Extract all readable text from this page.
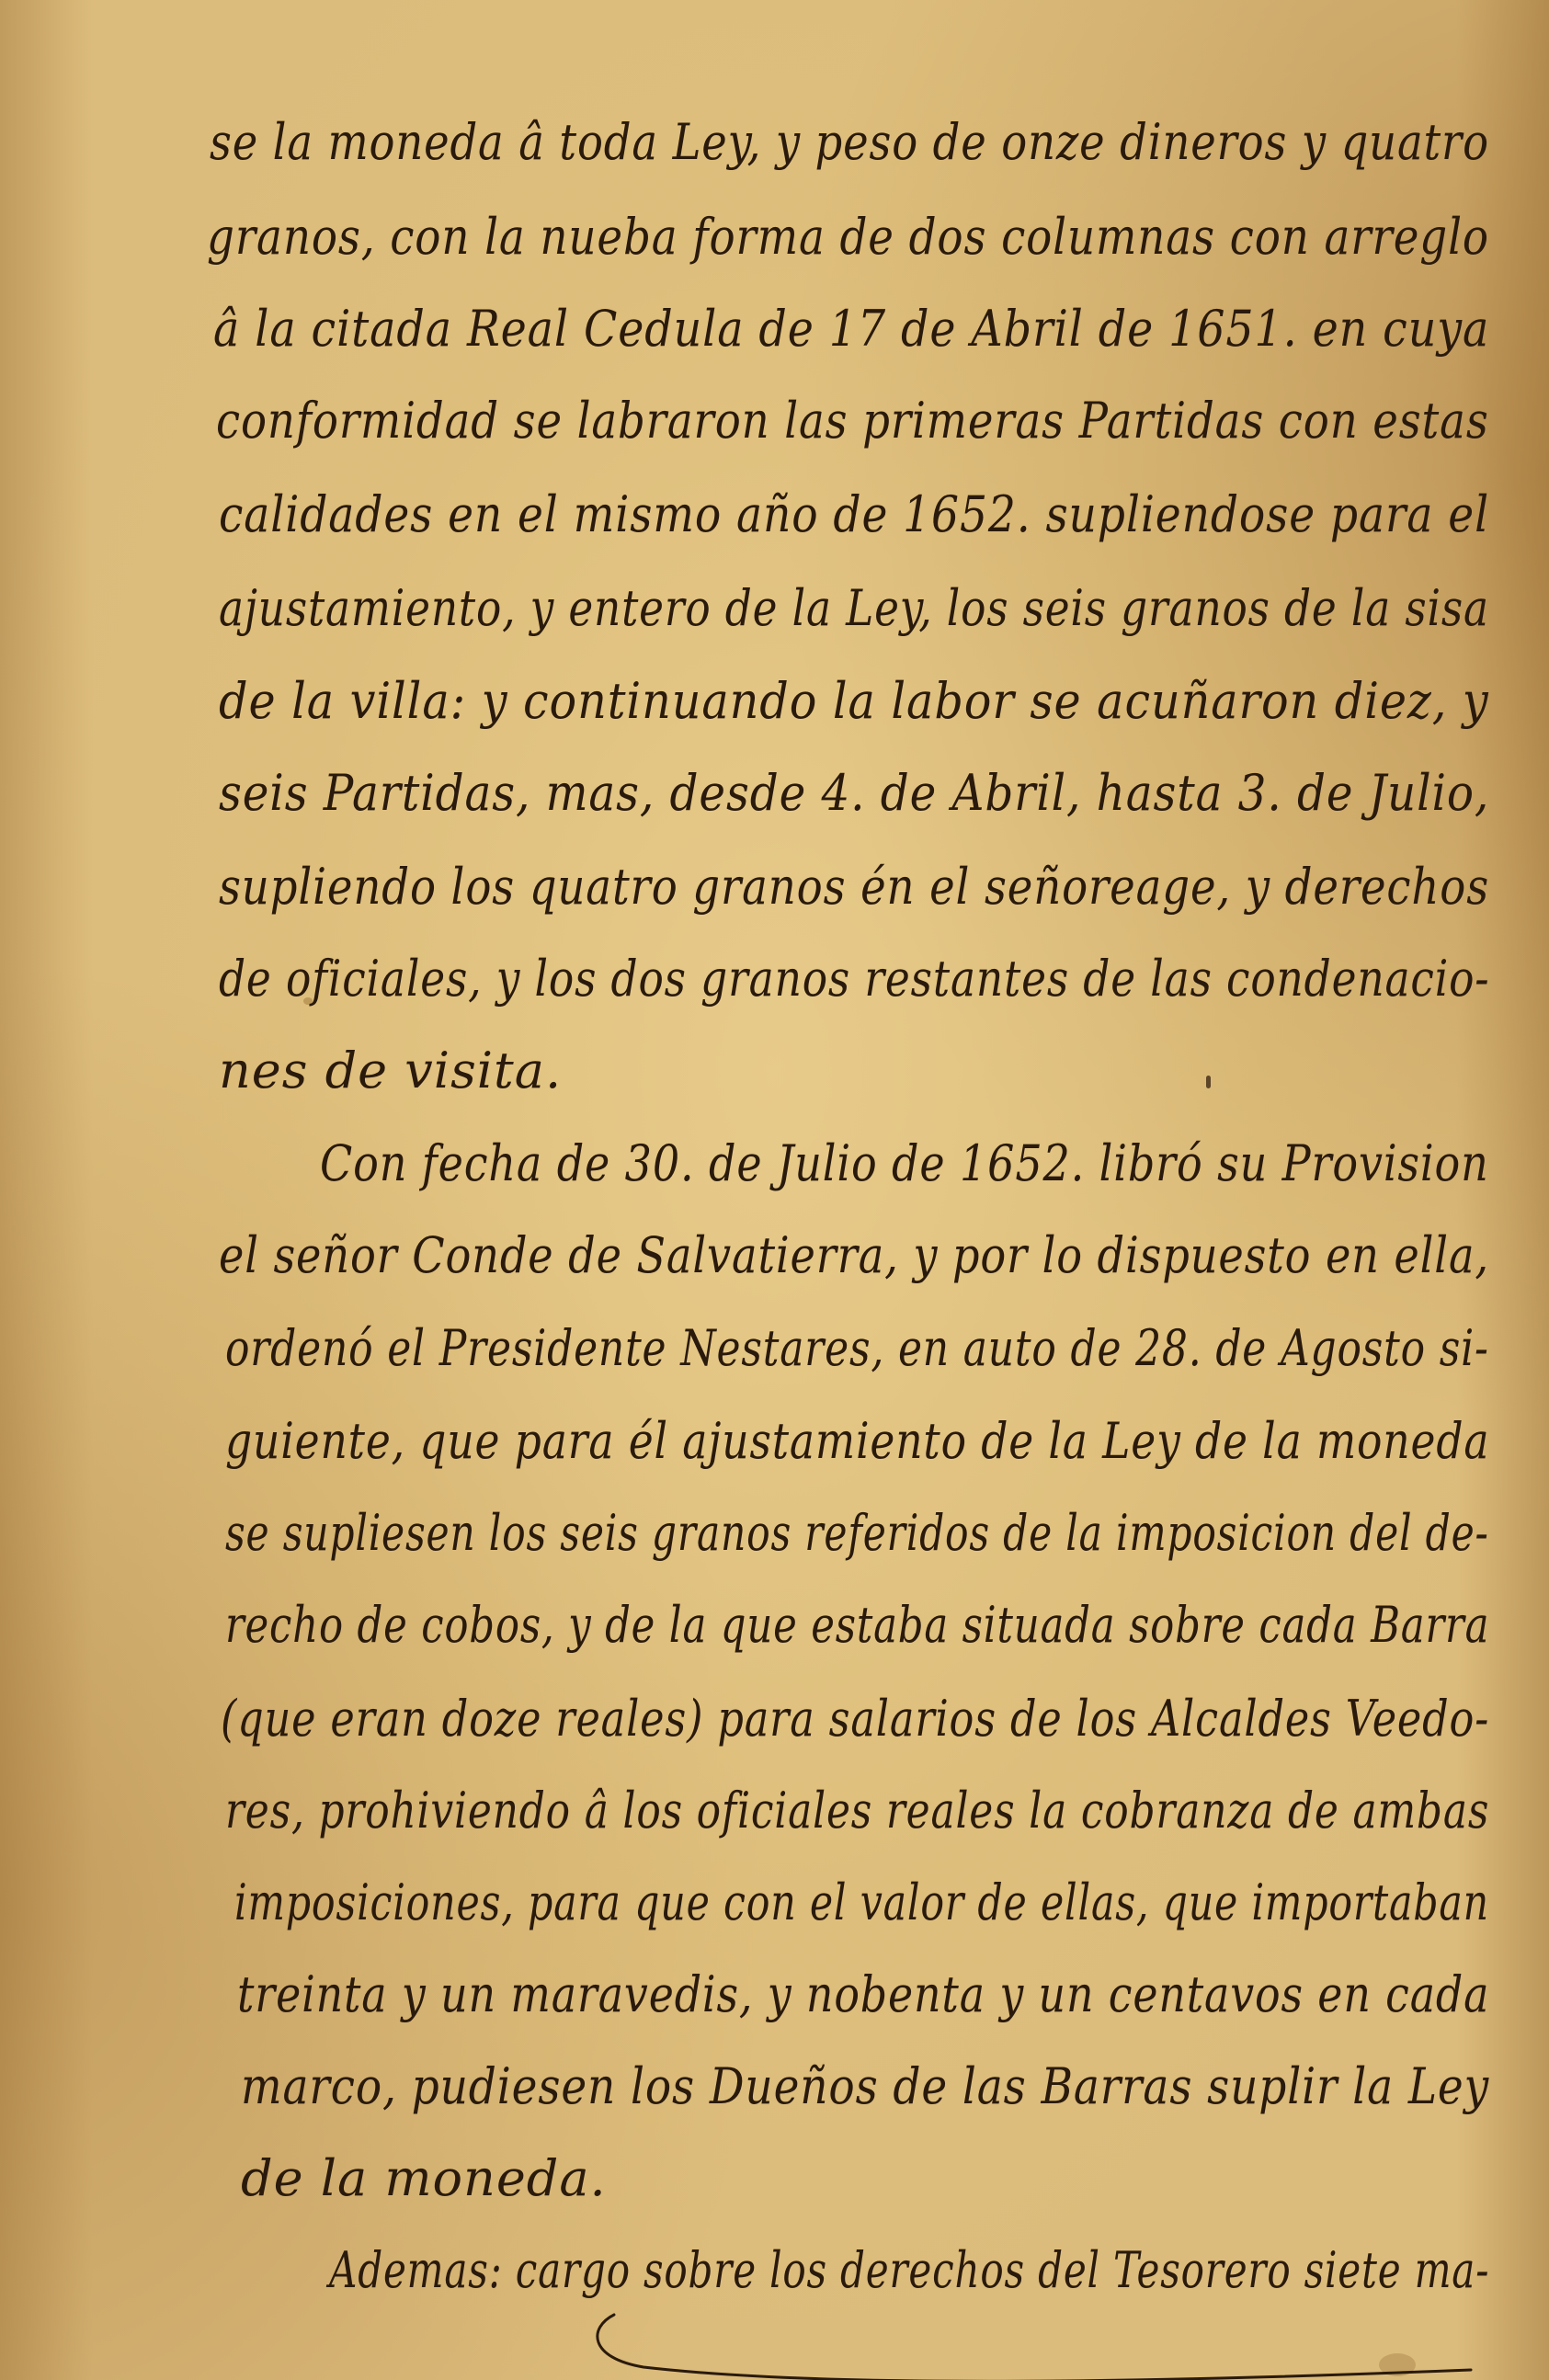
se la moneda â toda Ley, y peso de onze dineros y quatro
granos, con la nueba forma de dos columnas con arreglo
â la citada Real Cedula de 17 de Abril de 1651. en cuya
conformidad se labraron las primeras Partidas con estas
calidades en el mismo año de 1652. supliendose para el
ajustamiento, y entero de la Ley, los seis granos de la sisa
de la villa: y continuando la labor se acuñaron diez, y
seis Partidas, mas, desde 4. de Abril, hasta 3. de Julio,
supliendo los quatro granos én el señoreage, y derechos
de oficiales, y los dos granos restantes de las condenacio-
nes de visita.
Con fecha de 30. de Julio de 1652. libró su Provision
el señor Conde de Salvatierra, y por lo dispuesto en ella,
ordenó el Presidente Nestares, en auto de 28. de Agosto si-
guiente, que para él ajustamiento de la Ley de la moneda
se supliesen los seis granos referidos de la imposicion del de-
recho de cobos, y de la que estaba situada sobre cada Barra
(que eran doze reales) para salarios de los Alcaldes Veedo-
res, prohiviendo â los oficiales reales la cobranza de ambas
imposiciones, para que con el valor de ellas, que importaban
treinta y un maravedis, y nobenta y un centavos en cada
marco, pudiesen los Dueños de las Barras suplir la Ley
de la moneda.
Ademas: cargo sobre los derechos del Tesorero siete ma-
